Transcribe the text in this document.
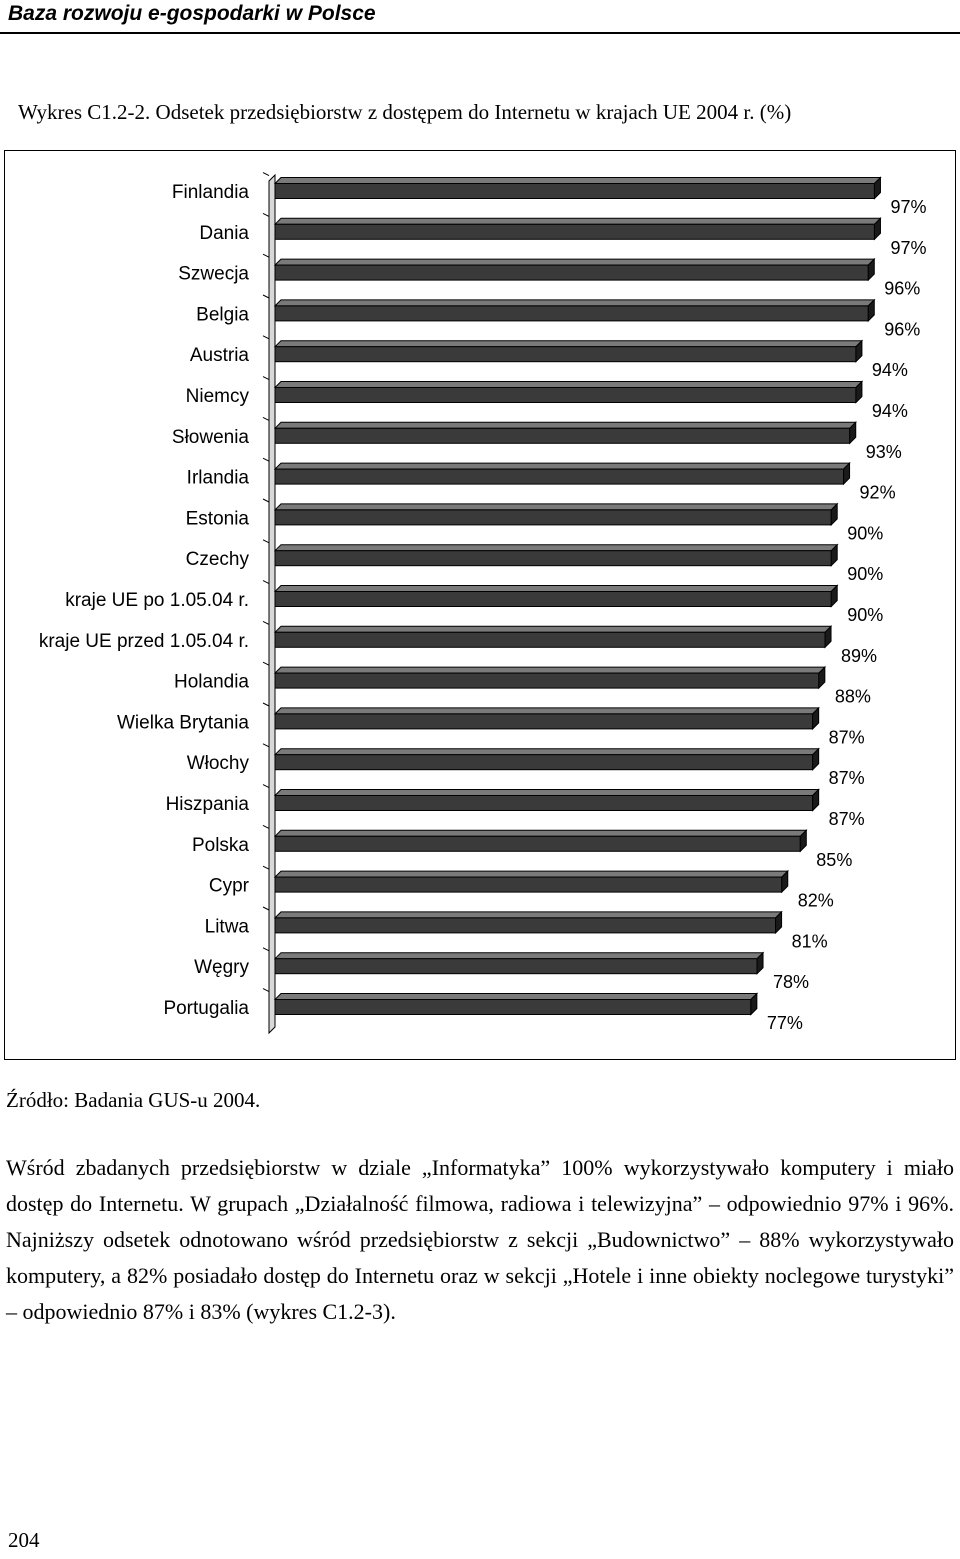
Baza rozwoju e-gospodarki w Polsce
Wykres C1.2-2. Odsetek przedsiębiorstw z dostępem do Internetu w krajach UE 2004 r. (%)
Finlandia
97%
Dania
97%
Szwecja
96%
Belgia
96%
Austria
94%
Niemcy
94%
Słowenia
93%
Irlandia
92%
Estonia
90%
Czechy
90%
kraje UE po 1.05.04 r.
90%
kraje UE przed 1.05.04 r.
89%
Holandia
88%
Wielka Brytania
87%
Włochy
87%
Hiszpania
87%
Polska
85%
Cypr
82%
Litwa
81%
Węgry
78%
Portugalia
77%
Źródło: Badania GUS-u 2004.
Wśród zbadanych przedsiębiorstw w dziale „Informatyka” 100% wykorzystywało komputery i miało dostęp do Internetu. W grupach „Działalność filmowa, radiowa i telewizyjna” – odpowiednio 97% i 96%. Najniższy odsetek odnotowano wśród przedsiębiorstw z sekcji „Budownictwo” – 88% wykorzystywało komputery, a 82% posiadało dostęp do Internetu oraz w sekcji „Hotele i inne obiekty noclegowe turystyki” – odpowiednio 87% i 83% (wykres C1.2-3).
204
